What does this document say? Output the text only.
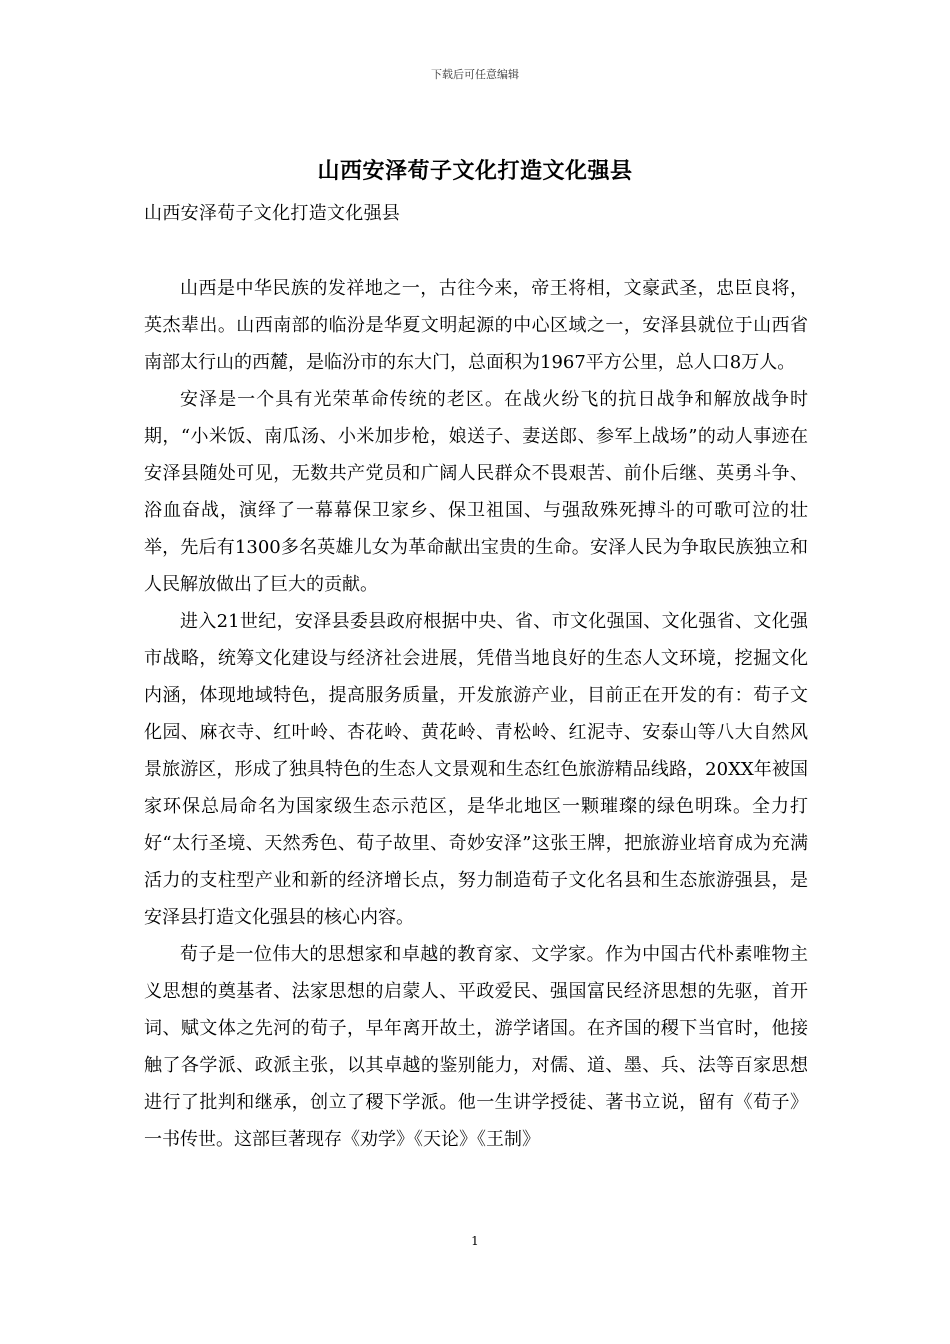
下载后可任意编辑
山西安泽荀子文化打造文化强县
山西安泽荀子文化打造文化强县

山西是中华民族的发祥地之一，古往今来，帝王将相，文豪武圣，忠臣良将，英杰辈出。山西南部的临汾是华夏文明起源的中心区域之一，安泽县就位于山西省南部太行山的西麓，是临汾市的东大门，总面积为1967平方公里，总人口8万人。

安泽是一个具有光荣革命传统的老区。在战火纷飞的抗日战争和解放战争时期，“小米饭、南瓜汤、小米加步枪，娘送子、妻送郎、参军上战场”的动人事迹在安泽县随处可见，无数共产党员和广阔人民群众不畏艰苦、前仆后继、英勇斗争、浴血奋战，演绎了一幕幕保卫家乡、保卫祖国、与强敌殊死搏斗的可歌可泣的壮举，先后有1300多名英雄儿女为革命献出宝贵的生命。安泽人民为争取民族独立和人民解放做出了巨大的贡献。

进入21世纪，安泽县委县政府根据中央、省、市文化强国、文化强省、文化强市战略，统筹文化建设与经济社会进展，凭借当地良好的生态人文环境，挖掘文化内涵，体现地域特色，提高服务质量，开发旅游产业，目前正在开发的有：荀子文化园、麻衣寺、红叶岭、杏花岭、黄花岭、青松岭、红泥寺、安泰山等八大自然风景旅游区，形成了独具特色的生态人文景观和生态红色旅游精品线路，20XX年被国家环保总局命名为国家级生态示范区，是华北地区一颗璀璨的绿色明珠。全力打好“太行圣境、天然秀色、荀子故里、奇妙安泽”这张王牌，把旅游业培育成为充满活力的支柱型产业和新的经济增长点，努力制造荀子文化名县和生态旅游强县，是安泽县打造文化强县的核心内容。

荀子是一位伟大的思想家和卓越的教育家、文学家。作为中国古代朴素唯物主义思想的奠基者、法家思想的启蒙人、平政爱民、强国富民经济思想的先驱，首开词、赋文体之先河的荀子，早年离开故土，游学诸国。在齐国的稷下当官时，他接触了各学派、政派主张，以其卓越的鉴别能力，对儒、道、墨、兵、法等百家思想进行了批判和继承，创立了稷下学派。他一生讲学授徒、著书立说，留有《荀子》一书传世。这部巨著现存《劝学》《天论》《王制》

1
